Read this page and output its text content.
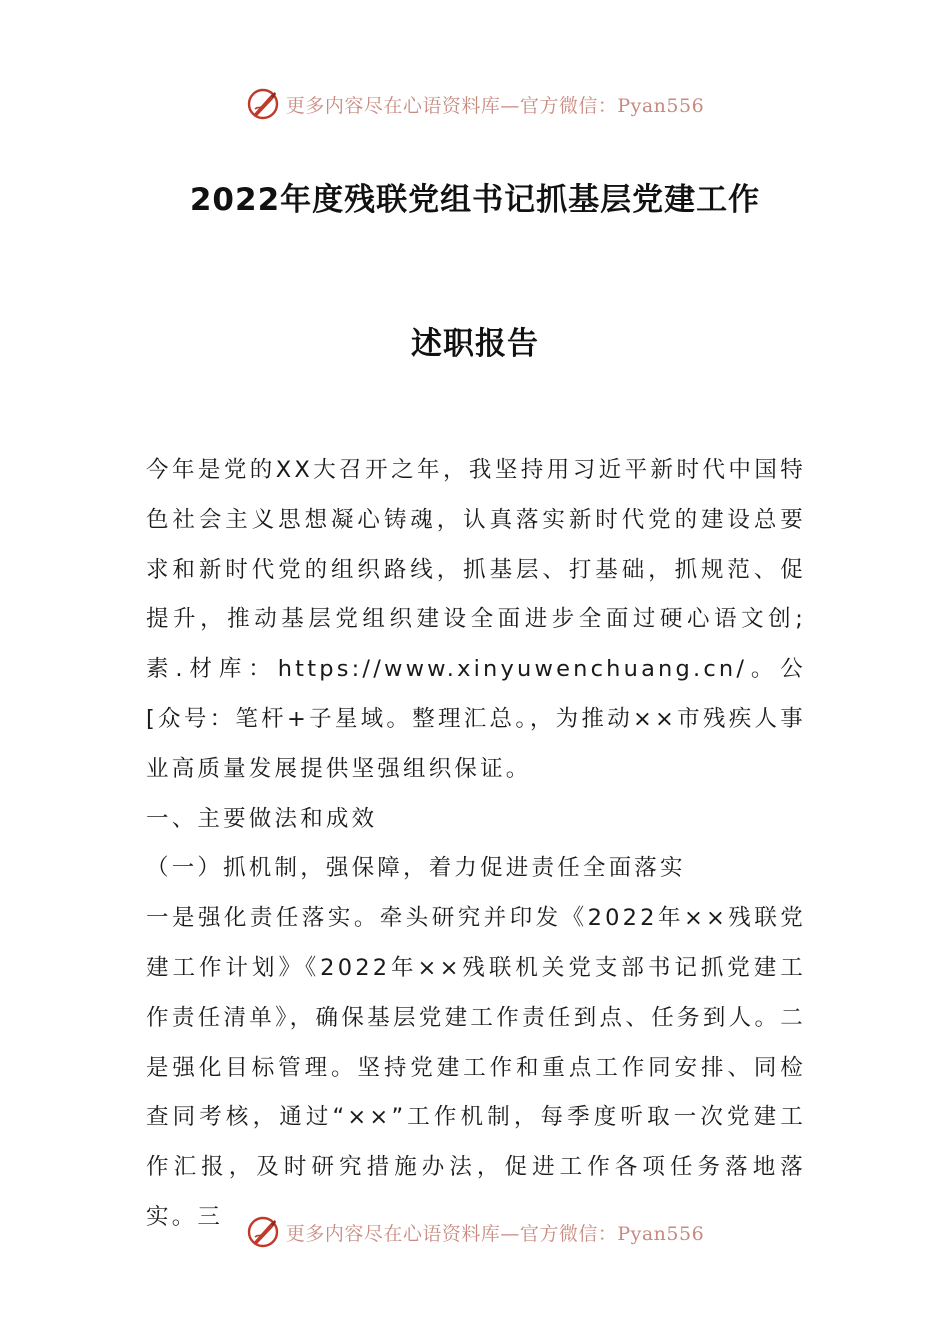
更多内容尽在心语资料库—官方微信：Pyan556
2022年度残联党组书记抓基层党建工作
述职报告

今年是党的XX大召开之年，我坚持用习近平新时代中国特色社会主义思想凝心铸魂，认真落实新时代党的建设总要求和新时代党的组织路线，抓基层、打基础，抓规范、促提升，推动基层党组织建设全面进步全面过硬心语文创;素.材库：https://www.xinyuwenchuang.cn/。公[众号：笔杆+子星域。整理汇总。，为推动××市残疾人事业高质量发展提供坚强组织保证。

一、主要做法和成效

（一）抓机制，强保障，着力促进责任全面落实

一是强化责任落实。牵头研究并印发《2022年××残联党建工作计划》《2022年××残联机关党支部书记抓党建工作责任清单》，确保基层党建工作责任到点、任务到人。二是强化目标管理。坚持党建工作和重点工作同安排、同检查同考核，通过“××”工作机制，每季度听取一次党建工作汇报，及时研究措施办法，促进工作各项任务落地落实。三

更多内容尽在心语资料库—官方微信：Pyan556
